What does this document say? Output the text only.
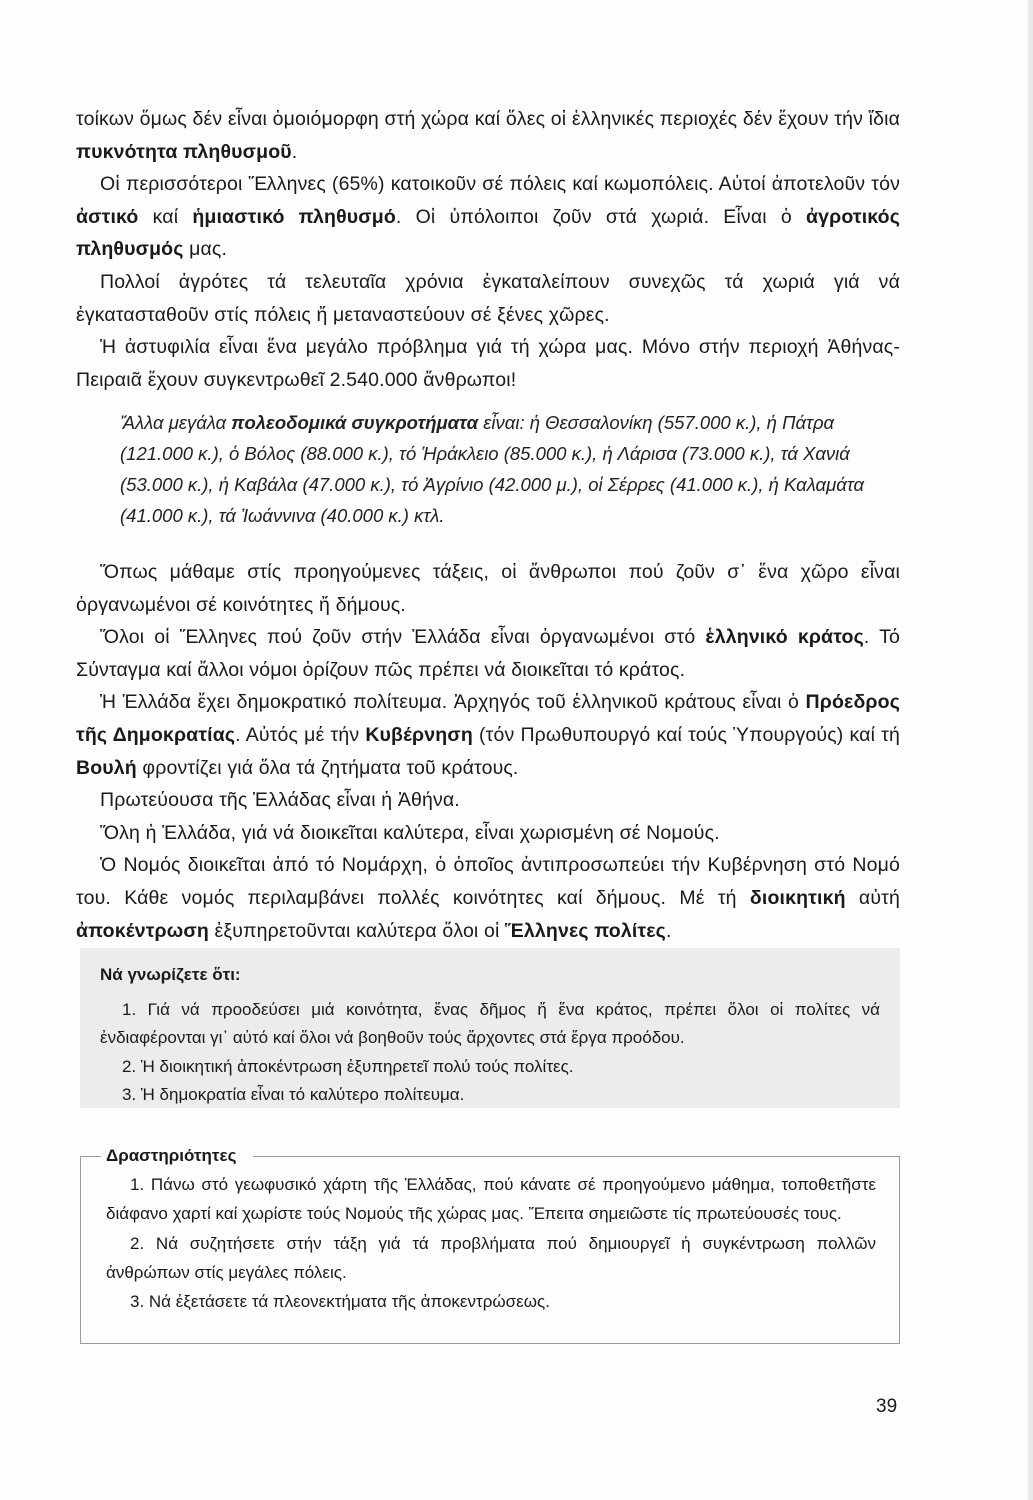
τοίκων ὅμως δέν εἶναι ὁμοιόμορφη στή χώρα καί ὅλες οἱ ἑλληνικές περιοχές δέν ἔχουν τήν ἴδια πυκνότητα πληθυσμοῦ.

Οἱ περισσότεροι Ἕλληνες (65%) κατοικοῦν σέ πόλεις καί κωμοπόλεις. Αὐτοί ἀποτελοῦν τόν ἀστικό καί ἡμιαστικό πληθυσμό. Οἱ ὑπόλοιποι ζοῦν στά χωριά. Εἶναι ὁ ἀγροτικός πληθυσμός μας.

Πολλοί ἀγρότες τά τελευταῖα χρόνια ἐγκαταλείπουν συνεχῶς τά χωριά γιά νά ἐγκατασταθοῦν στίς πόλεις ἤ μεταναστεύουν σέ ξένες χῶρες.

Ἡ ἀστυφιλία εἶναι ἕνα μεγάλο πρόβλημα γιά τή χώρα μας. Μόνο στήν περιοχή Ἀθήνας-Πειραιᾶ ἔχουν συγκεντρωθεῖ 2.540.000 ἄνθρωποι!

Ἄλλα μεγάλα πολεοδομικά συγκροτήματα εἶναι: ἡ Θεσσαλονίκη (557.000 κ.), ἡ Πάτρα (121.000 κ.), ὁ Βόλος (88.000 κ.), τό Ἡράκλειο (85.000 κ.), ἡ Λάρισα (73.000 κ.), τά Χανιά (53.000 κ.), ἡ Καβάλα (47.000 κ.), τό Ἀγρίνιο (42.000 μ.), οἱ Σέρρες (41.000 κ.), ἡ Καλαμάτα (41.000 κ.), τά Ἰωάννινα (40.000 κ.) κτλ.

Ὅπως μάθαμε στίς προηγούμενες τάξεις, οἱ ἄνθρωποι πού ζοῦν σ᾽ ἕνα χῶρο εἶναι ὀργανωμένοι σέ κοινότητες ἤ δήμους.

Ὅλοι οἱ Ἕλληνες πού ζοῦν στήν Ἑλλάδα εἶναι ὀργανωμένοι στό ἑλληνικό κράτος. Τό Σύνταγμα καί ἄλλοι νόμοι ὁρίζουν πῶς πρέπει νά διοικεῖται τό κράτος.

Ἡ Ἑλλάδα ἔχει δημοκρατικό πολίτευμα. Ἀρχηγός τοῦ ἑλληνικοῦ κράτους εἶναι ὁ Πρόεδρος τῆς Δημοκρατίας. Αὐτός μέ τήν Κυβέρνηση (τόν Πρωθυπουργό καί τούς Ὑπουργούς) καί τή Βουλή φροντίζει γιά ὅλα τά ζητήματα τοῦ κράτους.

Πρωτεύουσα τῆς Ἑλλάδας εἶναι ἡ Ἀθήνα.

Ὅλη ἡ Ἑλλάδα, γιά νά διοικεῖται καλύτερα, εἶναι χωρισμένη σέ Νομούς.

Ὁ Νομός διοικεῖται ἀπό τό Νομάρχη, ὁ ὁποῖος ἀντιπροσωπεύει τήν Κυβέρνηση στό Νομό του. Κάθε νομός περιλαμβάνει πολλές κοινότητες καί δήμους. Μέ τή διοικητική αὐτή ἀποκέντρωση ἐξυπηρετοῦνται καλύτερα ὅλοι οἱ Ἕλληνες πολίτες.

Νά γνωρίζετε ὅτι:

1. Γιά νά προοδεύσει μιά κοινότητα, ἕνας δῆμος ἤ ἕνα κράτος, πρέπει ὅλοι οἱ πολίτες νά ἐνδιαφέρονται γι᾽ αὐτό καί ὅλοι νά βοηθοῦν τούς ἄρχοντες στά ἔργα προόδου.

2. Ἡ διοικητική ἀποκέντρωση ἐξυπηρετεῖ πολύ τούς πολίτες.

3. Ἡ δημοκρατία εἶναι τό καλύτερο πολίτευμα.

Δραστηριότητες

1. Πάνω στό γεωφυσικό χάρτη τῆς Ἑλλάδας, πού κάνατε σέ προηγούμενο μάθημα, τοποθετῆστε διάφανο χαρτί καί χωρίστε τούς Νομούς τῆς χώρας μας. Ἔπειτα σημειῶστε τίς πρωτεύουσές τους.

2. Νά συζητήσετε στήν τάξη γιά τά προβλήματα πού δημιουργεῖ ἡ συγκέντρωση πολλῶν ἀνθρώπων στίς μεγάλες πόλεις.

3. Νά ἐξετάσετε τά πλεονεκτήματα τῆς ἀποκεντρώσεως.

39
